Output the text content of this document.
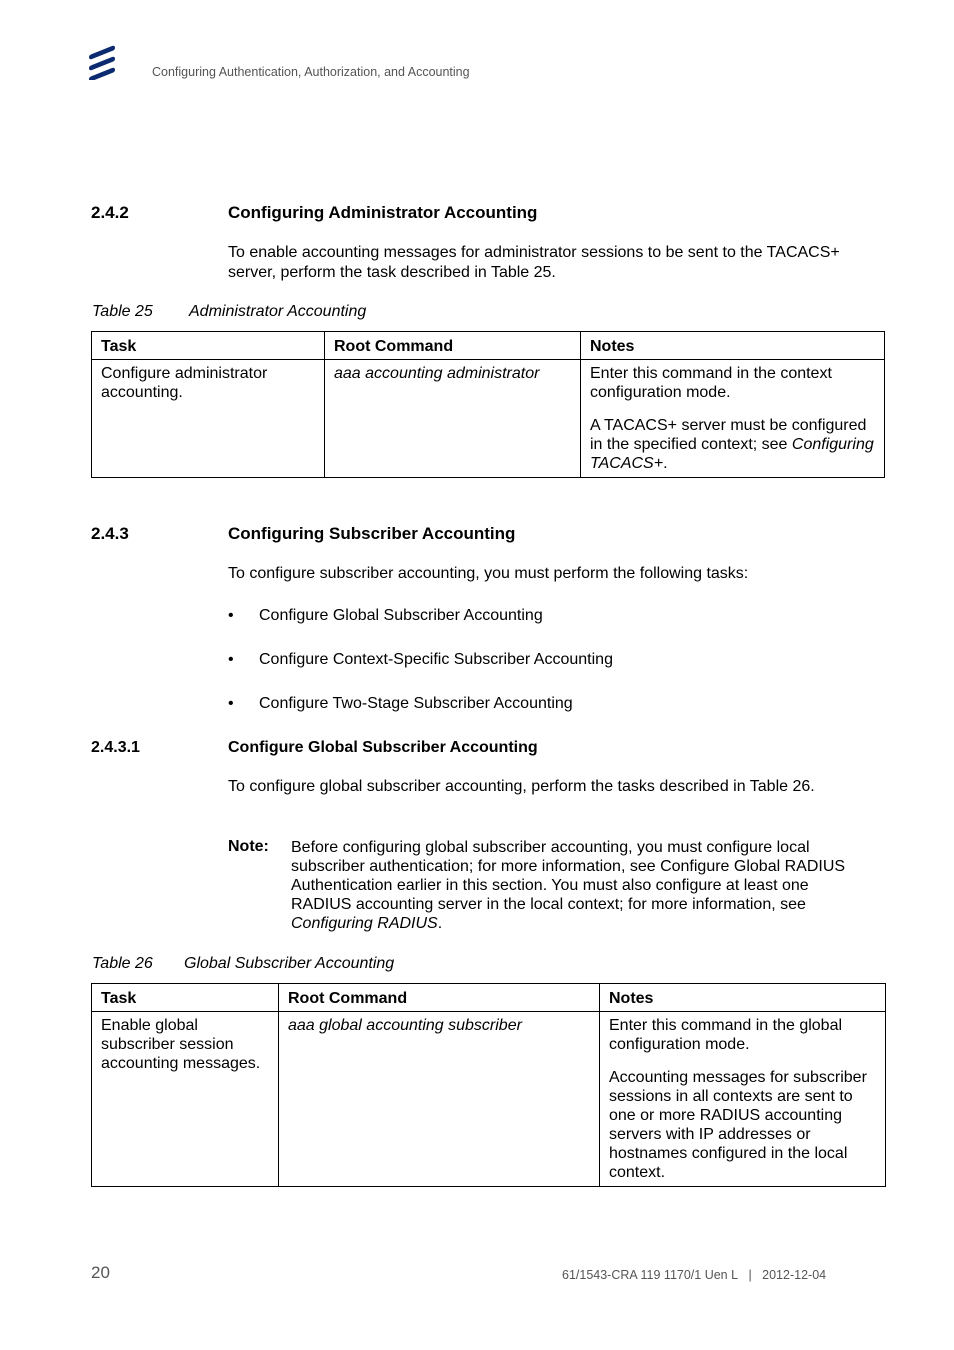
Configuring Authentication, Authorization, and Accounting
2.4.2	Configuring Administrator Accounting
To enable accounting messages for administrator sessions to be sent to the TACACS+ server, perform the task described in Table 25.
Table 25 Administrator Accounting
Task	Root Command	Notes
Configure administrator accounting.	aaa accounting administrator	Enter this command in the context configuration mode.

A TACACS+ server must be configured in the specified context; see Configuring TACACS+.

2.4.3	Configuring Subscriber Accounting
To configure subscriber accounting, you must perform the following tasks:
• Configure Global Subscriber Accounting
• Configure Context-Specific Subscriber Accounting
• Configure Two-Stage Subscriber Accounting
2.4.3.1	Configure Global Subscriber Accounting
To configure global subscriber accounting, perform the tasks described in Table 26.
Note: Before configuring global subscriber accounting, you must configure local subscriber authentication; for more information, see Configure Global RADIUS Authentication earlier in this section. You must also configure at least one RADIUS accounting server in the local context; for more information, see Configuring RADIUS.
Table 26 Global Subscriber Accounting
Task	Root Command	Notes
Enable global subscriber session accounting messages.	aaa global accounting subscriber	Enter this command in the global configuration mode.

Accounting messages for subscriber sessions in all contexts are sent to one or more RADIUS accounting servers with IP addresses or hostnames configured in the local context.

20	61/1543-CRA 119 1170/1 Uen L | 2012-12-04
